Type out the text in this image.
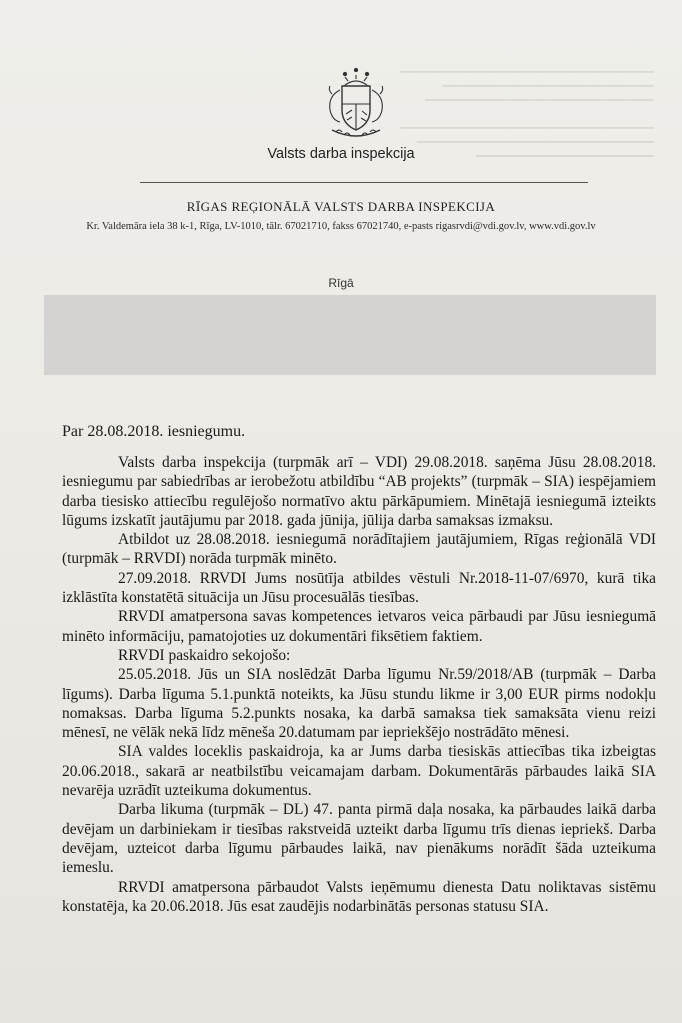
▁▁▁▁▁▁▁▁▁▁▁▁▁▁▁▁▁▁▁▁▁▁▁▁▁▁▁▁▁▁
▁▁▁▁▁▁▁▁▁▁▁▁▁▁▁▁▁▁▁▁▁▁▁▁▁
▁▁▁▁▁▁▁▁▁▁▁▁▁▁▁▁▁▁▁▁▁▁▁▁▁▁▁

▁▁▁▁▁▁▁▁▁▁▁▁▁▁▁▁▁▁▁▁▁▁▁▁▁▁▁▁▁▁
▁▁▁▁▁▁▁▁▁▁▁▁▁▁▁▁▁▁▁▁▁▁▁▁▁▁▁▁
▁▁▁▁▁▁▁▁▁▁▁▁▁▁▁▁▁▁▁▁▁
Valsts darba inspekcija
RĪGAS REĢIONĀLĀ VALSTS DARBA INSPEKCIJA
Kr. Valdemāra iela 38 k-1, Rīga, LV-1010, tālr. 67021710, fakss 67021740, e-pasts rigasrvdi@vdi.gov.lv, www.vdi.gov.lv
Rīgā
Par 28.08.2018. iesniegumu.

Valsts darba inspekcija (turpmāk arī – VDI) 29.08.2018. saņēma Jūsu 28.08.2018. iesniegumu par sabiedrības ar ierobežotu atbildību “AB projekts” (turpmāk – SIA) iespējamiem darba tiesisko attiecību regulējošo normatīvo aktu pārkāpumiem. Minētajā iesniegumā izteikts lūgums izskatīt jautājumu par 2018. gada jūnija, jūlija darba samaksas izmaksu.

Atbildot uz 28.08.2018. iesniegumā norādītajiem jautājumiem, Rīgas reģionālā VDI (turpmāk – RRVDI) norāda turpmāk minēto.

27.09.2018. RRVDI Jums nosūtīja atbildes vēstuli Nr.2018-11-07/6970, kurā tika izklāstīta konstatētā situācija un Jūsu procesuālās tiesības.

RRVDI amatpersona savas kompetences ietvaros veica pārbaudi par Jūsu iesniegumā minēto informāciju, pamatojoties uz dokumentāri fiksētiem faktiem.

RRVDI paskaidro sekojošo:

25.05.2018. Jūs un SIA noslēdzāt Darba līgumu Nr.59/2018/AB (turpmāk – Darba līgums). Darba līguma 5.1.punktā noteikts, ka Jūsu stundu likme ir 3,00 EUR pirms nodokļu nomaksas. Darba līguma 5.2.punkts nosaka, ka darbā samaksa tiek samaksāta vienu reizi mēnesī, ne vēlāk nekā līdz mēneša 20.datumam par iepriekšējo nostrādāto mēnesi.

SIA valdes loceklis paskaidroja, ka ar Jums darba tiesiskās attiecības tika izbeigtas 20.06.2018., sakarā ar neatbilstību veicamajam darbam. Dokumentārās pārbaudes laikā SIA nevarēja uzrādīt uzteikuma dokumentus.

Darba likuma (turpmāk – DL) 47. panta pirmā daļa nosaka, ka pārbaudes laikā darba devējam un darbiniekam ir tiesības rakstveidā uzteikt darba līgumu trīs dienas iepriekš. Darba devējam, uzteicot darba līgumu pārbaudes laikā, nav pienākums norādīt šāda uzteikuma iemeslu.

RRVDI amatpersona pārbaudot Valsts ieņēmumu dienesta Datu noliktavas sistēmu konstatēja, ka 20.06.2018. Jūs esat zaudējis nodarbinātās personas statusu SIA.
